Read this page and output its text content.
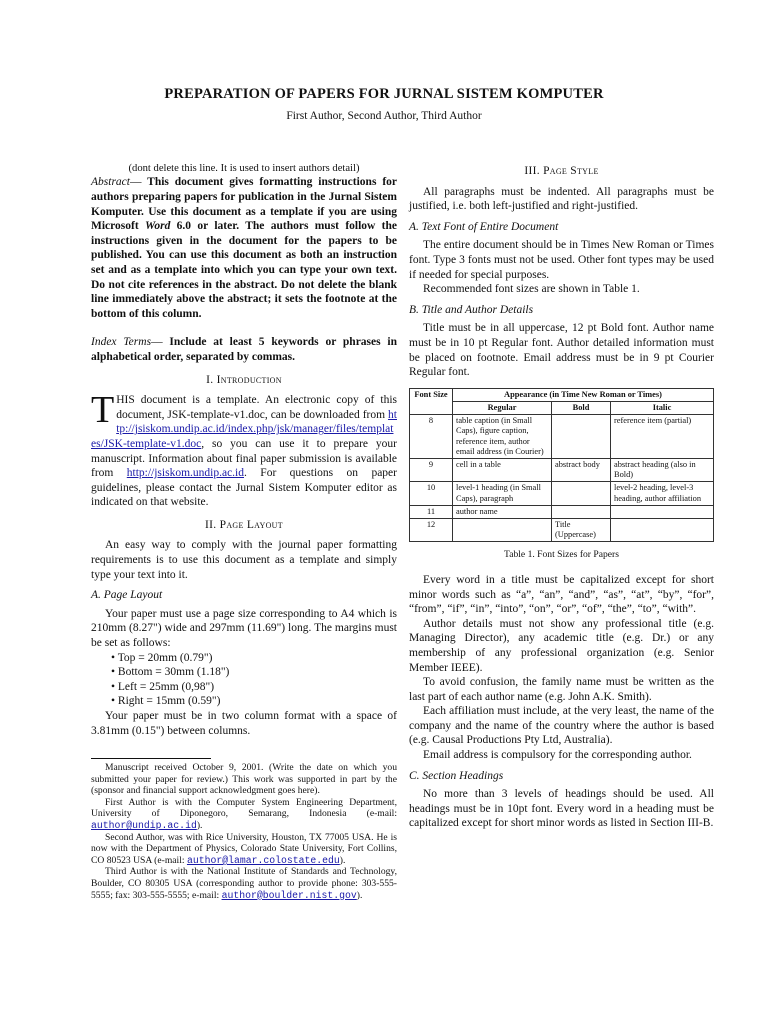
PREPARATION OF PAPERS FOR JURNAL SISTEM KOMPUTER
First Author, Second Author, Third Author

(dont delete this line. It is used to insert authors detail)

Abstract— This document gives formatting instructions for authors preparing papers for publication in the Jurnal Sistem Komputer. Use this document as a template if you are using Microsoft Word 6.0 or later. The authors must follow the instructions given in the document for the papers to be published. You can use this document as both an instruction set and as a template into which you can type your own text. Do not cite references in the abstract. Do not delete the blank line immediately above the abstract; it sets the footnote at the bottom of this column.

Index Terms— Include at least 5 keywords or phrases in alphabetical order, separated by commas.

I. Introduction

THIS document is a template. An electronic copy of this document, JSK-template-v1.doc, can be downloaded from http://jsiskom.undip.ac.id/index.php/jsk/manager/files/templates/JSK-template-v1.doc, so you can use it to prepare your manuscript. Information about final paper submission is available from http://jsiskom.undip.ac.id. For questions on paper guidelines, please contact the Jurnal Sistem Komputer editor as indicated on that website.

II. Page Layout

An easy way to comply with the journal paper formatting requirements is to use this document as a template and simply type your text into it.

A. Page Layout

Your paper must use a page size corresponding to A4 which is 210mm (8.27") wide and 297mm (11.69") long. The margins must be set as follows:

• Top = 20mm (0.79")
• Bottom = 30mm (1.18")
• Left = 25mm (0,98")
• Right = 15mm (0.59")

Your paper must be in two column format with a space of 3.81mm (0.15") between columns.

Manuscript received October 9, 2001. (Write the date on which you submitted your paper for review.) This work was supported in part by the (sponsor and financial support acknowledgment goes here).

First Author is with the Computer System Engineering Department, University of Diponegoro, Semarang, Indonesia (e-mail: author@undip.ac.id).

Second Author, was with Rice University, Houston, TX 77005 USA. He is now with the Department of Physics, Colorado State University, Fort Collins, CO 80523 USA (e-mail: author@lamar.colostate.edu).

Third Author is with the National Institute of Standards and Technology, Boulder, CO 80305 USA (corresponding author to provide phone: 303-555-5555; fax: 303-555-5555; e-mail: author@boulder.nist.gov).

III. Page Style

All paragraphs must be indented. All paragraphs must be justified, i.e. both left-justified and right-justified.

A. Text Font of Entire Document

The entire document should be in Times New Roman or Times font. Type 3 fonts must not be used. Other font types may be used if needed for special purposes.

Recommended font sizes are shown in Table 1.

B. Title and Author Details

Title must be in all uppercase, 12 pt Bold font. Author name must be in 10 pt Regular font. Author detailed information must be placed on footnote. Email address must be in 9 pt Courier Regular font.

Font Size	Appearance (in Time New Roman or Times)		
	Regular	Bold	Italic
8	table caption (in Small Caps), figure caption, reference item, author email address (in Courier)		reference item (partial)
9	cell in a table	abstract body	abstract heading (also in Bold)
10	level-1 heading (in Small Caps), paragraph		level-2 heading, level-3 heading, author affiliation
11	author name		
12		Title (Uppercase)	

Table 1. Font Sizes for Papers

Every word in a title must be capitalized except for short minor words such as “a”, “an”, “and”, “as”, “at”, “by”, “for”, “from”, “if”, “in”, “into”, “on”, “or”, “of”, “the”, “to”, “with”.

Author details must not show any professional title (e.g. Managing Director), any academic title (e.g. Dr.) or any membership of any professional organization (e.g. Senior Member IEEE).

To avoid confusion, the family name must be written as the last part of each author name (e.g. John A.K. Smith).

Each affiliation must include, at the very least, the name of the company and the name of the country where the author is based (e.g. Causal Productions Pty Ltd, Australia).

Email address is compulsory for the corresponding author.

C. Section Headings

No more than 3 levels of headings should be used. All headings must be in 10pt font. Every word in a heading must be capitalized except for short minor words as listed in Section III-B.
